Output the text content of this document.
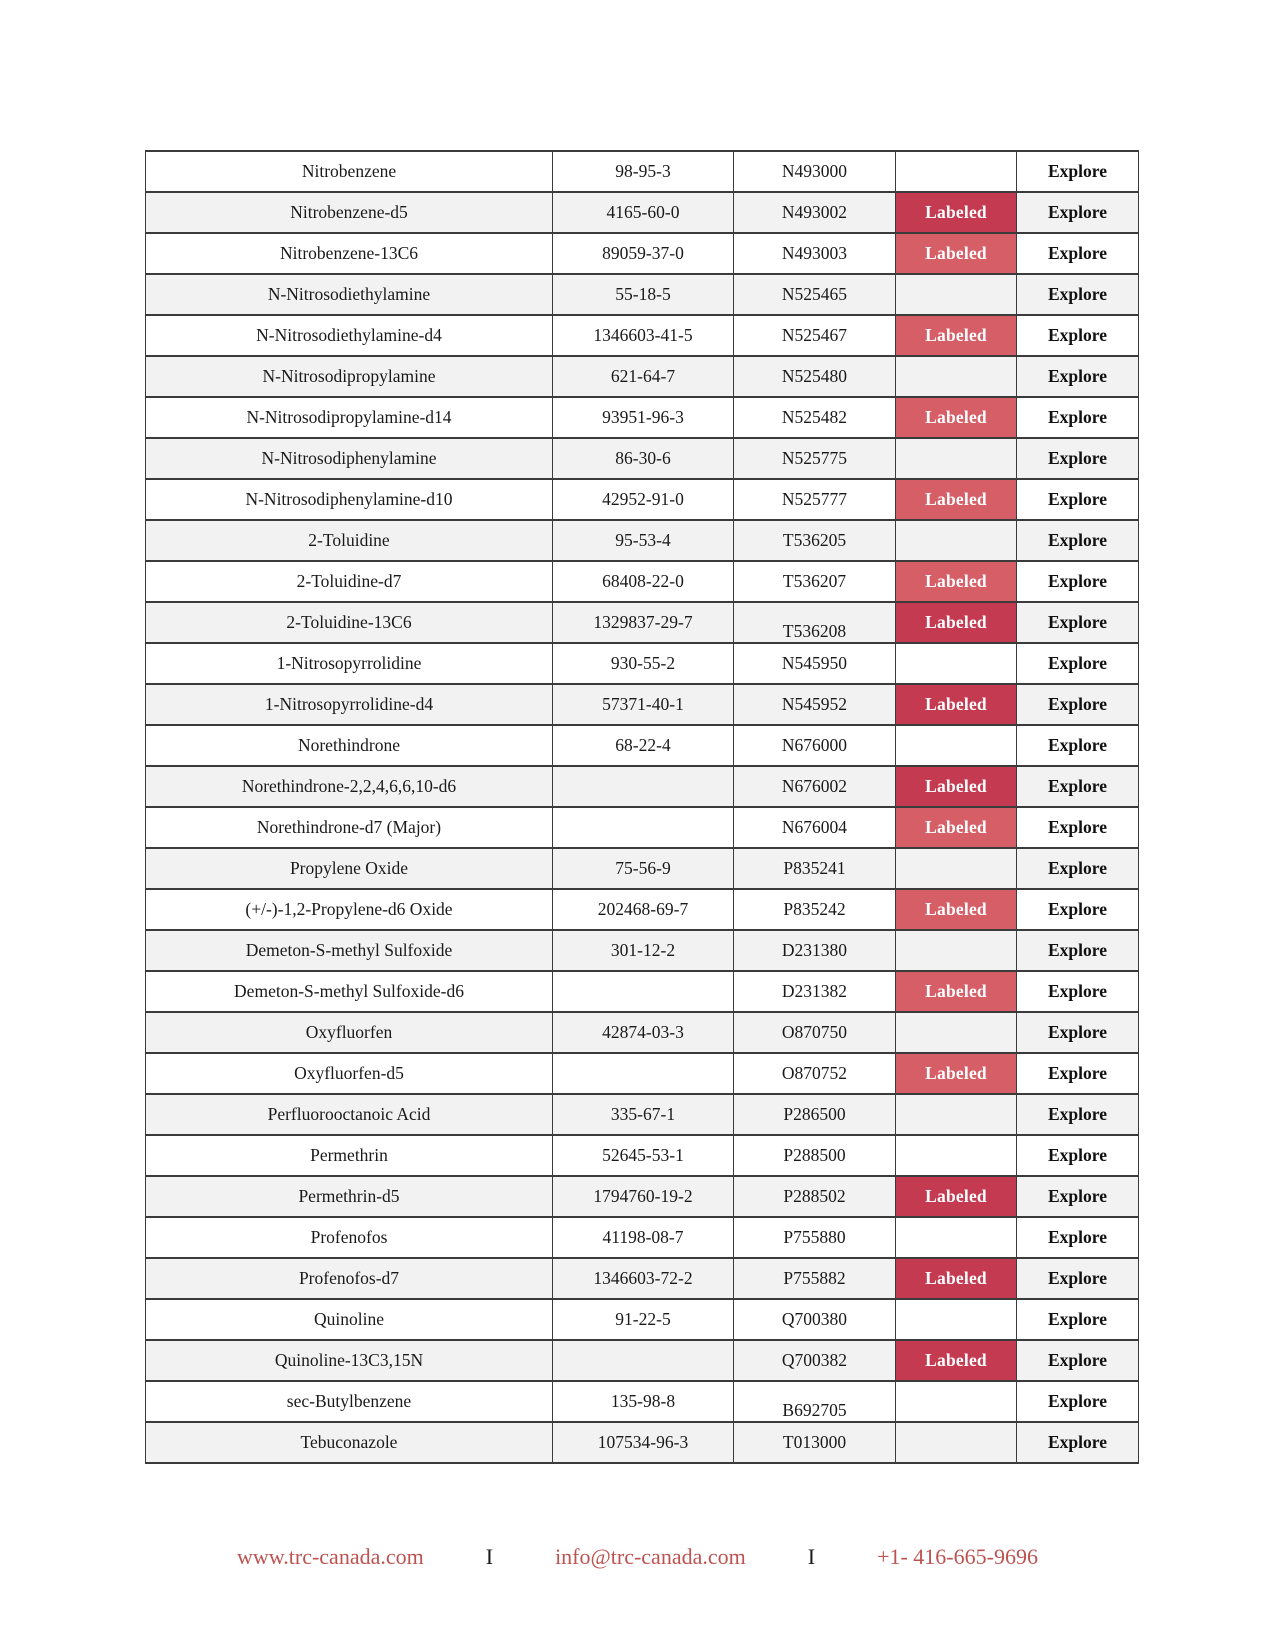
Nitrobenzene	98-95-3	N493000		Explore
Nitrobenzene-d5	4165-60-0	N493002	Labeled	Explore
Nitrobenzene-13C6	89059-37-0	N493003	Labeled	Explore
N-Nitrosodiethylamine	55-18-5	N525465		Explore
N-Nitrosodiethylamine-d4	1346603-41-5	N525467	Labeled	Explore
N-Nitrosodipropylamine	621-64-7	N525480		Explore
N-Nitrosodipropylamine-d14	93951-96-3	N525482	Labeled	Explore
N-Nitrosodiphenylamine	86-30-6	N525775		Explore
N-Nitrosodiphenylamine-d10	42952-91-0	N525777	Labeled	Explore
2-Toluidine	95-53-4	T536205		Explore
2-Toluidine-d7	68408-22-0	T536207	Labeled	Explore
2-Toluidine-13C6	1329837-29-7	T536208	Labeled	Explore
1-Nitrosopyrrolidine	930-55-2	N545950		Explore
1-Nitrosopyrrolidine-d4	57371-40-1	N545952	Labeled	Explore
Norethindrone	68-22-4	N676000		Explore
Norethindrone-2,2,4,6,6,10-d6		N676002	Labeled	Explore
Norethindrone-d7 (Major)		N676004	Labeled	Explore
Propylene Oxide	75-56-9	P835241		Explore
(+/-)-1,2-Propylene-d6 Oxide	202468-69-7	P835242	Labeled	Explore
Demeton-S-methyl Sulfoxide	301-12-2	D231380		Explore
Demeton-S-methyl Sulfoxide-d6		D231382	Labeled	Explore
Oxyfluorfen	42874-03-3	O870750		Explore
Oxyfluorfen-d5		O870752	Labeled	Explore
Perfluorooctanoic Acid	335-67-1	P286500		Explore
Permethrin	52645-53-1	P288500		Explore
Permethrin-d5	1794760-19-2	P288502	Labeled	Explore
Profenofos	41198-08-7	P755880		Explore
Profenofos-d7	1346603-72-2	P755882	Labeled	Explore
Quinoline	91-22-5	Q700380		Explore
Quinoline-13C3,15N		Q700382	Labeled	Explore
sec-Butylbenzene	135-98-8	B692705		Explore
Tebuconazole	107534-96-3	T013000		Explore
www.trc-canada.com	I	info@trc-canada.com	I	+1- 416-665-9696
